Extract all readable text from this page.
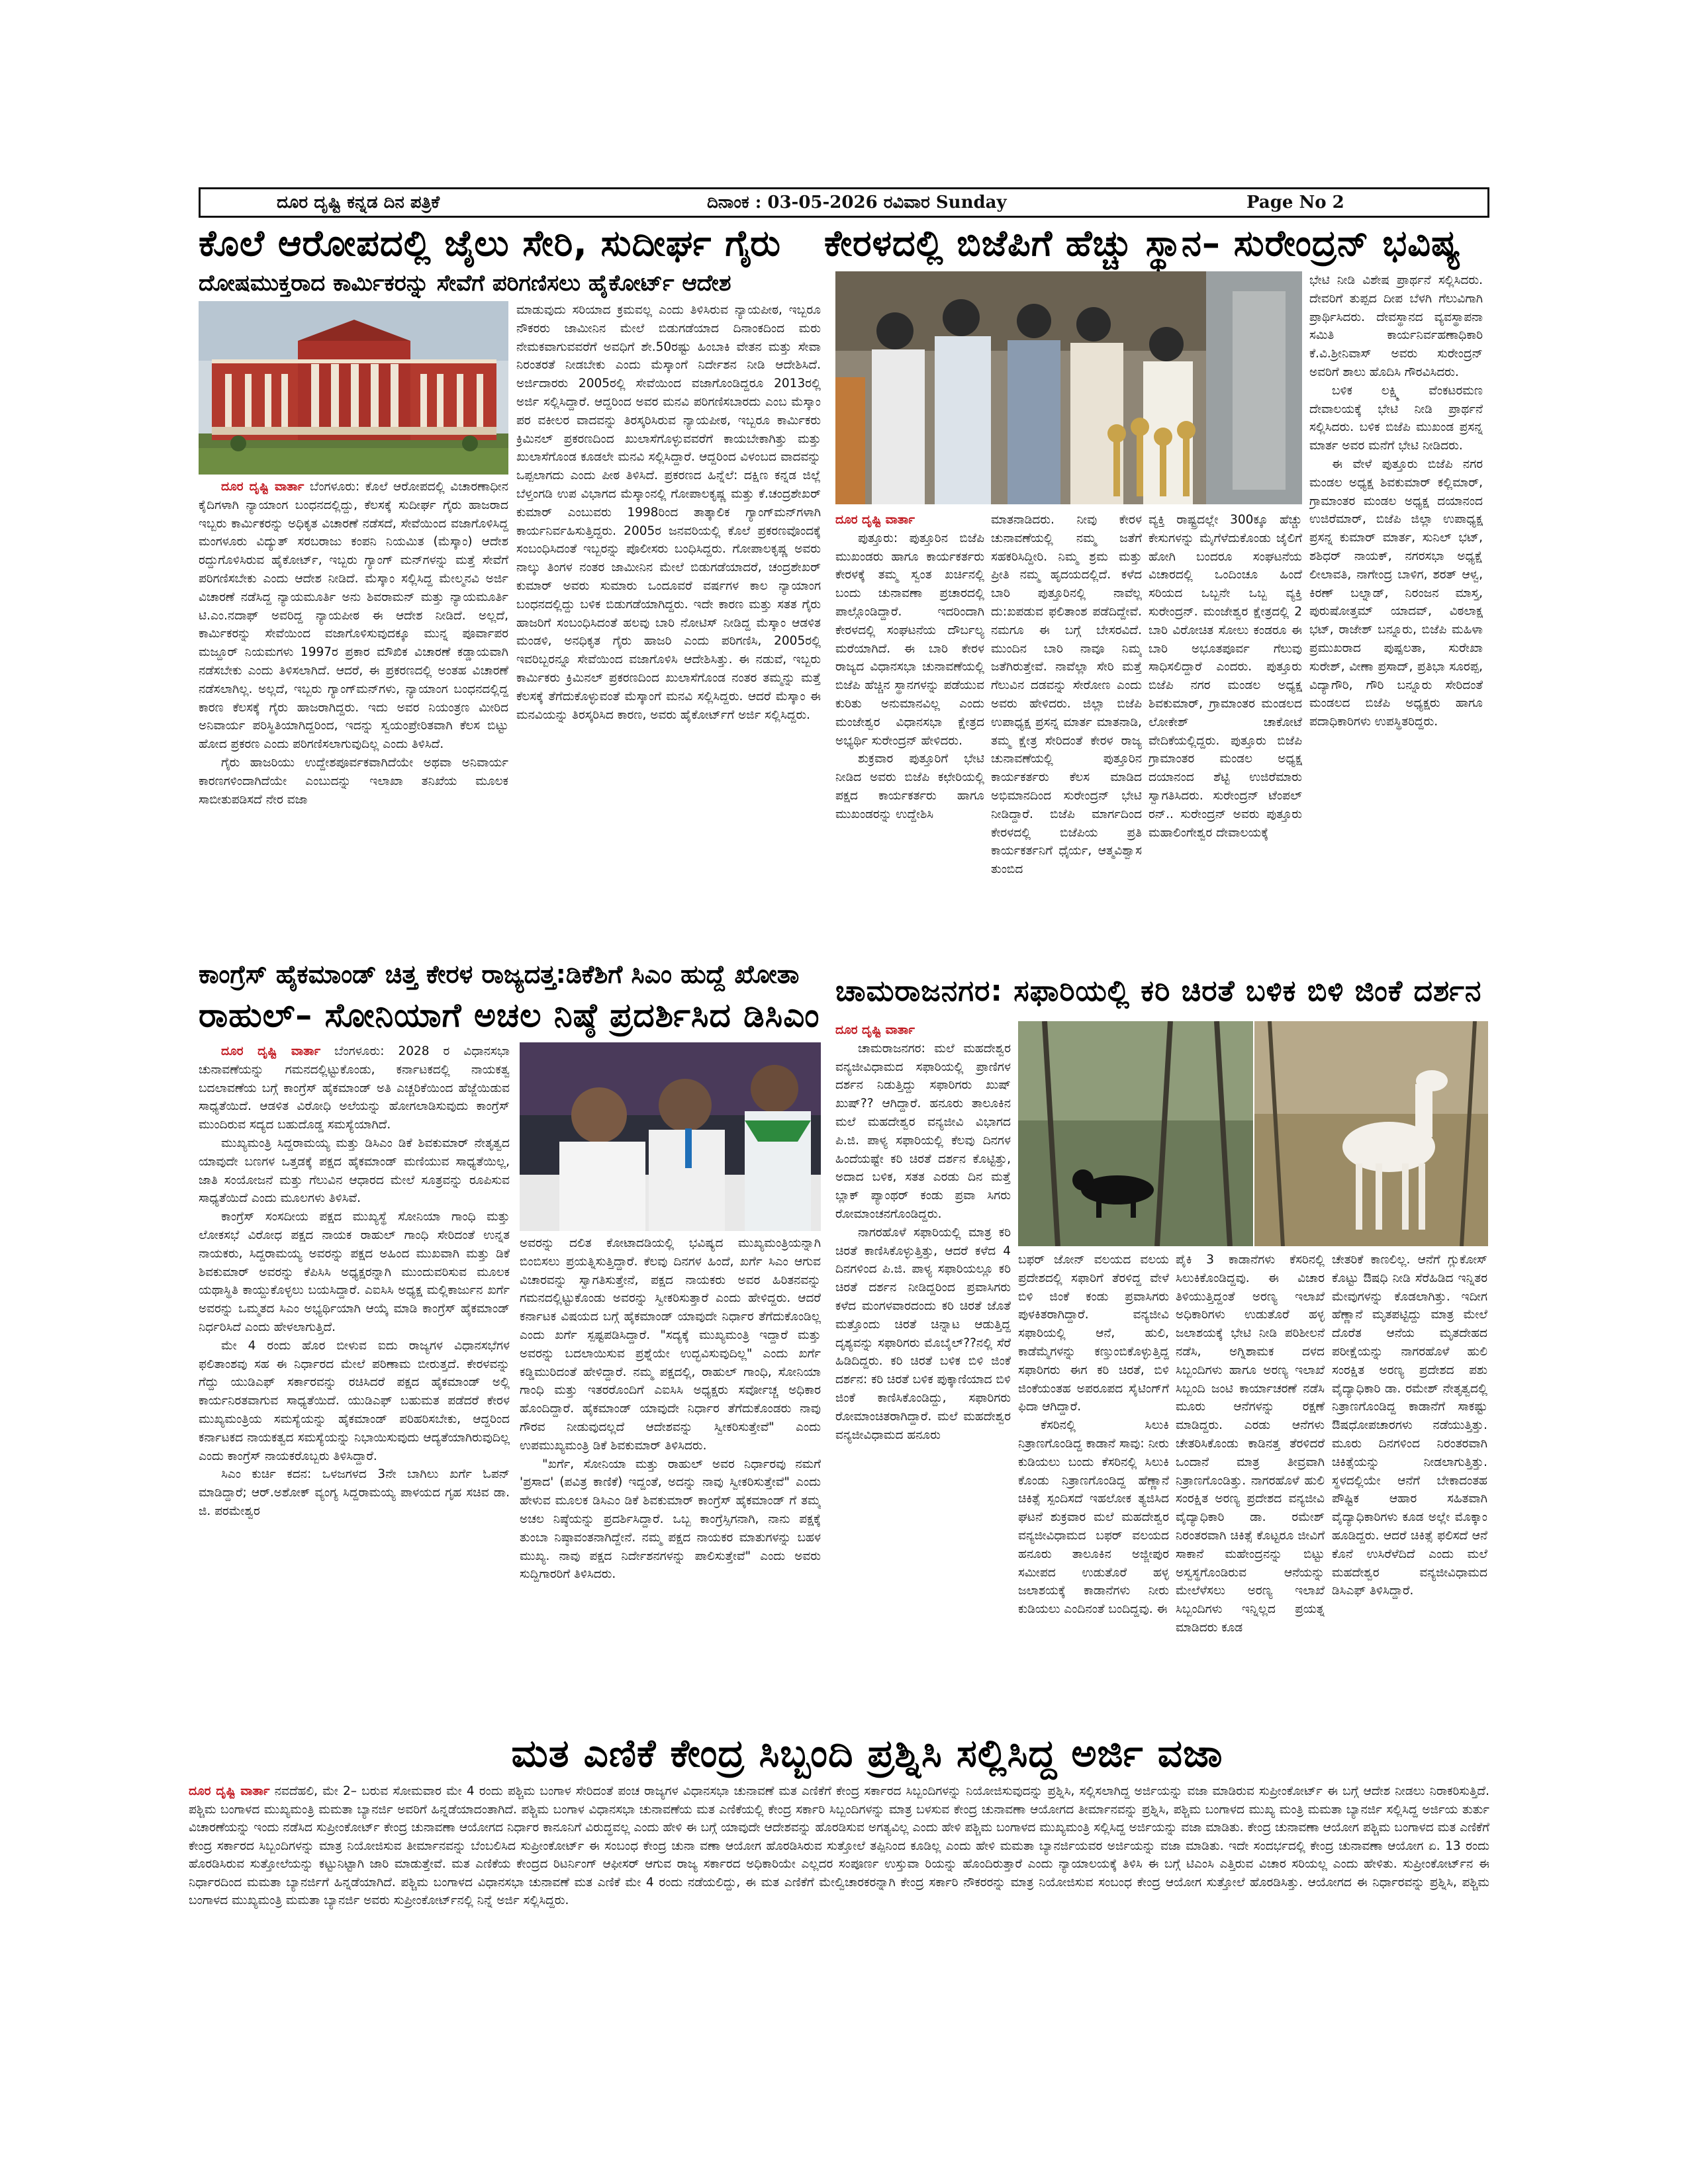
ದೂರ ದೃಷ್ಟಿ ಕನ್ನಡ ದಿನ ಪತ್ರಿಕೆ	ದಿನಾಂಕ : 03-05-2026 ರವಿವಾರ Sunday	Page No 2
ಕೊಲೆ ಆರೋಪದಲ್ಲಿ ಜೈಲು ಸೇರಿ, ಸುದೀರ್ಘ ಗೈರು
ದೋಷಮುಕ್ತರಾದ ಕಾರ್ಮಿಕರನ್ನು ಸೇವೆಗೆ ಪರಿಗಣಿಸಲು ಹೈಕೋರ್ಟ್ ಆದೇಶ

ಮಾಡುವುದು ಸರಿಯಾದ ಕ್ರಮವಲ್ಲ ಎಂದು ತಿಳಿಸಿರುವ ನ್ಯಾಯಪೀಠ, ಇಬ್ಬರೂ ನೌಕರರು ಜಾಮೀನಿನ ಮೇಲೆ ಬಿಡುಗಡೆಯಾದ ದಿನಾಂಕದಿಂದ ಮರು ನೇಮಕವಾಗುವವರೆಗೆ ಅವಧಿಗೆ ಶೇ.50ರಷ್ಟು ಹಿಂಬಾಕಿ ವೇತನ ಮತ್ತು ಸೇವಾ ನಿರಂತರತೆ ನೀಡಬೇಕು ಎಂದು ಮೆಸ್ಕಾಂಗೆ ನಿರ್ದೇಶನ ನೀಡಿ ಆದೇಶಿಸಿದೆ. ಅರ್ಜಿದಾರರು 2005ರಲ್ಲಿ ಸೇವೆಯಿಂದ ವಜಾಗೊಂಡಿದ್ದರೂ 2013ರಲ್ಲಿ ಅರ್ಜಿ ಸಲ್ಲಿಸಿದ್ದಾರೆ. ಆದ್ದರಿಂದ ಅವರ ಮನವಿ ಪರಿಗಣಿಸಬಾರದು ಎಂಬ ಮೆಸ್ಕಾಂ ಪರ ವಕೀಲರ ವಾದವನ್ನು ತಿರಸ್ಕರಿಸಿರುವ ನ್ಯಾಯಪೀಠ, ಇಬ್ಬರೂ ಕಾರ್ಮಿಕರು ಕ್ರಿಮಿನಲ್ ಪ್ರಕರಣದಿಂದ ಖುಲಾಸೆಗೊಳ್ಳುವವರೆಗೆ ಕಾಯಬೇಕಾಗಿತ್ತು ಮತ್ತು ಖುಲಾಸೆಗೊಂಡ ಕೂಡಲೇ ಮನವಿ ಸಲ್ಲಿಸಿದ್ದಾರೆ. ಆದ್ದರಿಂದ ವಿಳಂಬದ ವಾದವನ್ನು ಒಪ್ಪಲಾಗದು ಎಂದು ಪೀಠ ತಿಳಿಸಿದೆ. ಪ್ರಕರಣದ ಹಿನ್ನೆಲೆ: ದಕ್ಷಿಣ ಕನ್ನಡ ಜಿಲ್ಲೆ ಬೆಳ್ತಂಗಡಿ ಉಪ ವಿಭಾಗದ ಮೆಸ್ಕಾಂನಲ್ಲಿ ಗೋಪಾಲಕೃಷ್ಣ ಮತ್ತು ಕೆ.ಚಂದ್ರಶೇಖರ್ ಕುಮಾರ್ ಎಂಬುವರು 1998ರಿಂದ ತಾತ್ಕಾಲಿಕ ಗ್ಯಾಂಗ್‌ಮನ್‌ಗಳಾಗಿ ಕಾರ್ಯನಿರ್ವಹಿಸುತ್ತಿದ್ದರು. 2005ರ ಜನವರಿಯಲ್ಲಿ ಕೊಲೆ ಪ್ರಕರಣವೊಂದಕ್ಕೆ ಸಂಬಂಧಿಸಿದಂತೆ ಇಬ್ಬರನ್ನು ಪೊಲೀಸರು ಬಂಧಿಸಿದ್ದರು. ಗೋಪಾಲಕೃಷ್ಣ ಅವರು ನಾಲ್ಕು ತಿಂಗಳ ನಂತರ ಜಾಮೀನಿನ ಮೇಲೆ ಬಿಡುಗಡೆಯಾದರೆ, ಚಂದ್ರಶೇಖರ್ ಕುಮಾರ್ ಅವರು ಸುಮಾರು ಒಂದೂವರೆ ವರ್ಷಗಳ ಕಾಲ ನ್ಯಾಯಾಂಗ ಬಂಧನದಲ್ಲಿದ್ದು ಬಳಿಕ ಬಿಡುಗಡೆಯಾಗಿದ್ದರು. ಇದೇ ಕಾರಣ ಮತ್ತು ಸತತ ಗೈರು ಹಾಜರಿಗೆ ಸಂಬಂಧಿಸಿದಂತೆ ಹಲವು ಬಾರಿ ನೋಟಿಸ್ ನೀಡಿದ್ದ ಮೆಸ್ಕಾಂ ಆಡಳಿತ ಮಂಡಳಿ, ಅನಧಿಕೃತ ಗೈರು ಹಾಜರಿ ಎಂದು ಪರಿಗಣಿಸಿ, 2005ರಲ್ಲಿ ಇವರಿಬ್ಬರನ್ನೂ ಸೇವೆಯಿಂದ ವಜಾಗೊಳಿಸಿ ಆದೇಶಿಸಿತ್ತು. ಈ ನಡುವೆ, ಇಬ್ಬರು ಕಾರ್ಮಿಕರು ಕ್ರಿಮಿನಲ್ ಪ್ರಕರಣದಿಂದ ಖುಲಾಸೆಗೊಂಡ ನಂತರ ತಮ್ಮನ್ನು ಮತ್ತೆ ಕೆಲಸಕ್ಕೆ ತೆಗೆದುಕೊಳ್ಳುವಂತೆ ಮೆಸ್ಕಾಂಗೆ ಮನವಿ ಸಲ್ಲಿಸಿದ್ದರು. ಆದರೆ ಮೆಸ್ಕಾಂ ಈ ಮನವಿಯನ್ನು ತಿರಸ್ಕರಿಸಿದ ಕಾರಣ, ಅವರು ಹೈಕೋರ್ಟ್‌ಗೆ ಅರ್ಜಿ ಸಲ್ಲಿಸಿದ್ದರು.

ದೂರ ದೃಷ್ಟಿ ವಾರ್ತಾ ಬೆಂಗಳೂರು: ಕೊಲೆ ಆರೋಪದಲ್ಲಿ ವಿಚಾರಣಾಧೀನ ಕೈದಿಗಳಾಗಿ ನ್ಯಾಯಾಂಗ ಬಂಧನದಲ್ಲಿದ್ದು, ಕೆಲಸಕ್ಕೆ ಸುದೀರ್ಘ ಗೈರು ಹಾಜರಾದ ಇಬ್ಬರು ಕಾರ್ಮಿಕರನ್ನು ಅಧಿಕೃತ ವಿಚಾರಣೆ ನಡೆಸದೆ, ಸೇವೆಯಿಂದ ವಜಾಗೊಳಿಸಿದ್ದ ಮಂಗಳೂರು ವಿದ್ಯುತ್ ಸರಬರಾಜು ಕಂಪನಿ ನಿಯಮಿತ (ಮೆಸ್ಕಾಂ) ಆದೇಶ ರದ್ದುಗೊಳಿಸಿರುವ ಹೈಕೋರ್ಟ್, ಇಬ್ಬರು ಗ್ಯಾಂಗ್ ಮನ್‌ಗಳನ್ನು ಮತ್ತೆ ಸೇವೆಗೆ ಪರಿಗಣಿಸಬೇಕು ಎಂದು ಆದೇಶ ನೀಡಿದೆ. ಮೆಸ್ಕಾಂ ಸಲ್ಲಿಸಿದ್ದ ಮೇಲ್ಮನವಿ ಅರ್ಜಿ ವಿಚಾರಣೆ ನಡೆಸಿದ್ದ ನ್ಯಾಯಮೂರ್ತಿ ಅನು ಶಿವರಾಮನ್ ಮತ್ತು ನ್ಯಾಯಮೂರ್ತಿ ಟಿ.ಎಂ.ನದಾಫ್ ಅವರಿದ್ದ ನ್ಯಾಯಪೀಠ ಈ ಆದೇಶ ನೀಡಿದೆ. ಅಲ್ಲದೆ, ಕಾರ್ಮಿಕರನ್ನು ಸೇವೆಯಿಂದ ವಜಾಗೊಳಿಸುವುದಕ್ಕೂ ಮುನ್ನ ಪೂರ್ವಾಪರ ಮಜ್ದೂರ್ ನಿಯಮಗಳು 1997ರ ಪ್ರಕಾರ ಮೌಖಿಕ ವಿಚಾರಣೆ ಕಡ್ಡಾಯವಾಗಿ ನಡೆಸಬೇಕು ಎಂದು ತಿಳಿಸಲಾಗಿದೆ. ಆದರೆ, ಈ ಪ್ರಕರಣದಲ್ಲಿ ಅಂತಹ ವಿಚಾರಣೆ ನಡೆಸಲಾಗಿಲ್ಲ. ಅಲ್ಲದೆ, ಇಬ್ಬರು ಗ್ಯಾಂಗ್‌ಮನ್‌ಗಳು, ನ್ಯಾಯಾಂಗ ಬಂಧನದಲ್ಲಿದ್ದ ಕಾರಣ ಕೆಲಸಕ್ಕೆ ಗೈರು ಹಾಜರಾಗಿದ್ದರು. ಇದು ಅವರ ನಿಯಂತ್ರಣ ಮೀರಿದ ಅನಿವಾರ್ಯ ಪರಿಸ್ಥಿತಿಯಾಗಿದ್ದರಿಂದ, ಇದನ್ನು ಸ್ವಯಂಪ್ರೇರಿತವಾಗಿ ಕೆಲಸ ಬಿಟ್ಟು ಹೋದ ಪ್ರಕರಣ ಎಂದು ಪರಿಗಣಿಸಲಾಗುವುದಿಲ್ಲ ಎಂದು ತಿಳಿಸಿದೆ.

ಗೈರು ಹಾಜರಿಯು ಉದ್ದೇಶಪೂರ್ವಕವಾಗಿದೆಯೇ ಅಥವಾ ಅನಿವಾರ್ಯ ಕಾರಣಗಳಿಂದಾಗಿದೆಯೇ ಎಂಬುದನ್ನು ಇಲಾಖಾ ತನಿಖೆಯ ಮೂಲಕ ಸಾಬೀತುಪಡಿಸದೆ ನೇರ ವಜಾ

ಕೇರಳದಲ್ಲಿ ಬಿಜೆಪಿಗೆ ಹೆಚ್ಚು ಸ್ಥಾನ– ಸುರೇಂದ್ರನ್ ಭವಿಷ್ಯ

ದೂರ ದೃಷ್ಟಿ ವಾರ್ತಾ

ಪುತ್ತೂರು: ಪುತ್ತೂರಿನ ಬಿಜೆಪಿ ಮುಖಂಡರು ಹಾಗೂ ಕಾರ್ಯಕರ್ತರು ಕೇರಳಕ್ಕೆ ತಮ್ಮ ಸ್ವಂತ ಖರ್ಚಿನಲ್ಲಿ ಬಂದು ಚುನಾವಣಾ ಪ್ರಚಾರದಲ್ಲಿ ಪಾಲ್ಗೊಂಡಿದ್ದಾರೆ. ಇದರಿಂದಾಗಿ ಕೇರಳದಲ್ಲಿ ಸಂಘಟನೆಯ ದೌರ್ಬಲ್ಯ ಮರೆಯಾಗಿದೆ. ಈ ಬಾರಿ ಕೇರಳ ರಾಜ್ಯದ ವಿಧಾನಸಭಾ ಚುನಾವಣೆಯಲ್ಲಿ ಬಿಜೆಪಿ ಹೆಚ್ಚಿನ ಸ್ಥಾನಗಳನ್ನು ಪಡೆಯುವ ಕುರಿತು ಅನುಮಾನವಿಲ್ಲ ಎಂದು ಮಂಜೇಶ್ವರ ವಿಧಾನಸಭಾ ಕ್ಷೇತ್ರದ ಅಭ್ಯರ್ಥಿ ಸುರೇಂದ್ರನ್ ಹೇಳಿದರು.

ಶುಕ್ರವಾರ ಪುತ್ತೂರಿಗೆ ಭೇಟಿ ನೀಡಿದ ಅವರು ಬಿಜೆಪಿ ಕಛೇರಿಯಲ್ಲಿ ಪಕ್ಷದ ಕಾರ್ಯಕರ್ತರು ಹಾಗೂ ಮುಖಂಡರನ್ನು ಉದ್ದೇಶಿಸಿ

ಮಾತನಾಡಿದರು. ನೀವು ಕೇರಳ ಚುನಾವಣೆಯಲ್ಲಿ ನಮ್ಮ ಜತೆಗೆ ಸಹಕರಿಸಿದ್ದೀರಿ. ನಿಮ್ಮ ಶ್ರಮ ಮತ್ತು ಪ್ರೀತಿ ನಮ್ಮ ಹೃದಯದಲ್ಲಿದೆ. ಕಳೆದ ಬಾರಿ ಪುತ್ತೂರಿನಲ್ಲಿ ನಾವೆಲ್ಲ ದು:ಖಪಡುವ ಫಲಿತಾಂಶ ಪಡೆದಿದ್ದೇವೆ. ನಮಗೂ ಈ ಬಗ್ಗೆ ಬೇಸರವಿದೆ. ಮುಂದಿನ ಬಾರಿ ನಾವೂ ನಿಮ್ಮ ಜತೆಗಿರುತ್ತೇವೆ. ನಾವೆಲ್ಲಾ ಸೇರಿ ಮತ್ತೆ ಗೆಲುವಿನ ದಡವನ್ನು ಸೇರೋಣ ಎಂದು ಅವರು ಹೇಳಿದರು. ಜಿಲ್ಲಾ ಬಿಜೆಪಿ ಉಪಾಧ್ಯಕ್ಷ ಪ್ರಸನ್ನ ಮಾರ್ತ ಮಾತನಾಡಿ, ತಮ್ಮ ಕ್ಷೇತ್ರ ಸೇರಿದಂತೆ ಕೇರಳ ರಾಜ್ಯ ಚುನಾವಣೆಯಲ್ಲಿ ಪುತ್ತೂರಿನ ಕಾರ್ಯಕರ್ತರು ಕೆಲಸ ಮಾಡಿದ ಅಭಿಮಾನದಿಂದ ಸುರೇಂದ್ರನ್ ಭೇಟಿ ನೀಡಿದ್ದಾರೆ. ಬಿಜೆಪಿ ಮಾರ್ಗದಿಂದ ಕೇರಳದಲ್ಲಿ ಬಿಜೆಪಿಯ ಪ್ರತಿ ಕಾರ್ಯಕರ್ತನಿಗೆ ಧೈರ್ಯ, ಆತ್ಮವಿಶ್ವಾಸ ತುಂಬಿದ

ವ್ಯಕ್ತಿ ರಾಷ್ಟ್ರದಲ್ಲೇ 300ಕ್ಕೂ ಹೆಚ್ಚು ಕೇಸುಗಳನ್ನು ಮೈಗೆಳೆದುಕೊಂಡು ಜೈಲಿಗೆ ಹೋಗಿ ಬಂದರೂ ಸಂಘಟನೆಯ ವಿಚಾರದಲ್ಲಿ ಒಂದಿಂಚೂ ಹಿಂದೆ ಸರಿಯದ ಒಬ್ಬನೇ ಒಬ್ಬ ವ್ಯಕ್ತಿ ಸುರೇಂದ್ರನ್. ಮಂಜೇಶ್ವರ ಕ್ಷೇತ್ರದಲ್ಲಿ 2 ಬಾರಿ ವಿರೋಚಿತ ಸೋಲು ಕಂಡರೂ ಈ ಬಾರಿ ಅಭೂತಪೂರ್ವ ಗೆಲುವು ಸಾಧಿಸಲಿದ್ದಾರೆ ಎಂದರು. ಪುತ್ತೂರು ಬಿಜೆಪಿ ನಗರ ಮಂಡಲ ಅಧ್ಯಕ್ಷ ಶಿವಕುಮಾರ್, ಗ್ರಾಮಾಂತರ ಮಂಡಲದ ಲೋಕೇಶ್ ಚಾಕೋಟೆ ವೇದಿಕೆಯಲ್ಲಿದ್ದರು. ಪುತ್ತೂರು ಬಿಜೆಪಿ ಗ್ರಾಮಾಂತರ ಮಂಡಲ ಅಧ್ಯಕ್ಷ ದಯಾನಂದ ಶೆಟ್ಟಿ ಉಜಿರೆಮಾರು ಸ್ವಾಗತಿಸಿದರು. ಸುರೇಂದ್ರನ್ ಟೆಂಪಲ್ ರನ್.. ಸುರೇಂದ್ರನ್ ಅವರು ಪುತ್ತೂರು ಮಹಾಲಿಂಗೇಶ್ವರ ದೇವಾಲಯಕ್ಕೆ

ಭೇಟಿ ನೀಡಿ ವಿಶೇಷ ಪ್ರಾರ್ಥನೆ ಸಲ್ಲಿಸಿದರು. ದೇವರಿಗೆ ತುಪ್ಪದ ದೀಪ ಬೆಳಗಿ ಗೆಲುವಿಗಾಗಿ ಪ್ರಾರ್ಥಿಸಿದರು. ದೇವಸ್ಥಾನದ ವ್ಯವಸ್ಥಾಪನಾ ಸಮಿತಿ ಕಾರ್ಯನಿರ್ವಹಣಾಧಿಕಾರಿ ಕೆ.ವಿ.ಶ್ರೀನಿವಾಸ್ ಅವರು ಸುರೇಂದ್ರನ್ ಅವರಿಗೆ ಶಾಲು ಹೊದಿಸಿ ಗೌರವಿಸಿದರು.

ಬಳಿಕ ಲಕ್ಷ್ಮಿ ವೆಂಕಟರಮಣ ದೇವಾಲಯಕ್ಕೆ ಭೇಟಿ ನೀಡಿ ಪ್ರಾರ್ಥನೆ ಸಲ್ಲಿಸಿದರು. ಬಳಿಕ ಬಿಜೆಪಿ ಮುಖಂಡ ಪ್ರಸನ್ನ ಮಾರ್ತ ಅವರ ಮನೆಗೆ ಭೇಟಿ ನೀಡಿದರು.

ಈ ವೇಳೆ ಪುತ್ತೂರು ಬಿಜೆಪಿ ನಗರ ಮಂಡಲ ಅಧ್ಯಕ್ಷ ಶಿವಕುಮಾರ್ ಕಲ್ಲಿಮಾರ್, ಗ್ರಾಮಾಂತರ ಮಂಡಲ ಅಧ್ಯಕ್ಷ ದಯಾನಂದ ಉಜಿರೆಮಾರ್, ಬಿಜೆಪಿ ಜಿಲ್ಲಾ ಉಪಾಧ್ಯಕ್ಷ ಪ್ರಸನ್ನ ಕುಮಾರ್ ಮಾರ್ತ, ಸುನಿಲ್ ಭಟ್, ಶಶಿಧರ್ ನಾಯಕ್, ನಗರಸಭಾ ಅಧ್ಯಕ್ಷೆ ಲೀಲಾವತಿ, ನಾಗೇಂದ್ರ ಬಾಳಿಗ, ಶರತ್ ಆಳ್ವ, ಕಿರಣ್ ಬಲ್ನಾಡ್, ನಿರಂಜನ ಮಾಸ್ತ, ಪುರುಷೋತ್ತಮ್ ಯಾದವ್, ವಿಠಲಾಕ್ಷ ಭಟ್, ರಾಜೇಶ್ ಬನ್ನೂರು, ಬಿಜೆಪಿ ಮಹಿಳಾ ಪ್ರಮುಖರಾದ ಪುಷ್ಪಲತಾ, ಸುರೇಖಾ ಸುರೇಶ್, ವೀಣಾ ಪ್ರಸಾದ್, ಪ್ರತಿಭಾ ಸೂರಪ್ಪ, ವಿದ್ಯಾಗೌರಿ, ಗೌರಿ ಬನ್ನೂರು ಸೇರಿದಂತೆ ಮಂಡಲದ ಬಿಜೆಪಿ ಅಧ್ಯಕ್ಷರು ಹಾಗೂ ಪದಾಧಿಕಾರಿಗಳು ಉಪಸ್ಥಿತರಿದ್ದರು.

ಕಾಂಗ್ರೆಸ್ ಹೈಕಮಾಂಡ್ ಚಿತ್ತ ಕೇರಳ ರಾಜ್ಯದತ್ತ:ಡಿಕೆಶಿಗೆ ಸಿಎಂ ಹುದ್ದೆ ಖೋತಾ
ರಾಹುಲ್– ಸೋನಿಯಾಗೆ ಅಚಲ ನಿಷ್ಠೆ ಪ್ರದರ್ಶಿಸಿದ ಡಿಸಿಎಂ

ದೂರ ದೃಷ್ಟಿ ವಾರ್ತಾ ಬೆಂಗಳೂರು: 2028 ರ ವಿಧಾನಸಭಾ ಚುನಾವಣೆಯನ್ನು ಗಮನದಲ್ಲಿಟ್ಟುಕೊಂಡು, ಕರ್ನಾಟಕದಲ್ಲಿ ನಾಯಕತ್ವ ಬದಲಾವಣೆಯ ಬಗ್ಗೆ ಕಾಂಗ್ರೆಸ್ ಹೈಕಮಾಂಡ್ ಅತಿ ಎಚ್ಚರಿಕೆಯಿಂದ ಹೆಜ್ಜೆಯಿಡುವ ಸಾಧ್ಯತೆಯಿದೆ. ಆಡಳಿತ ವಿರೋಧಿ ಅಲೆಯನ್ನು ಹೋಗಲಾಡಿಸುವುದು ಕಾಂಗ್ರೆಸ್ ಮುಂದಿರುವ ಸದ್ಯದ ಬಹುದೊಡ್ಡ ಸಮಸ್ಯೆಯಾಗಿದೆ.

ಮುಖ್ಯಮಂತ್ರಿ ಸಿದ್ದರಾಮಯ್ಯ ಮತ್ತು ಡಿಸಿಎಂ ಡಿಕೆ ಶಿವಕುಮಾರ್ ನೇತೃತ್ವದ ಯಾವುದೇ ಬಣಗಳ ಒತ್ತಡಕ್ಕೆ ಪಕ್ಷದ ಹೈಕಮಾಂಡ್ ಮಣಿಯುವ ಸಾಧ್ಯತೆಯಿಲ್ಲ, ಜಾತಿ ಸಂಯೋಜನೆ ಮತ್ತು ಗೆಲುವಿನ ಆಧಾರದ ಮೇಲೆ ಸೂತ್ರವನ್ನು ರೂಪಿಸುವ ಸಾಧ್ಯತೆಯಿದೆ ಎಂದು ಮೂಲಗಳು ತಿಳಿಸಿವೆ.

ಕಾಂಗ್ರೆಸ್ ಸಂಸದೀಯ ಪಕ್ಷದ ಮುಖ್ಯಸ್ಥೆ ಸೋನಿಯಾ ಗಾಂಧಿ ಮತ್ತು ಲೋಕಸಭೆ ವಿರೋಧ ಪಕ್ಷದ ನಾಯಕ ರಾಹುಲ್ ಗಾಂಧಿ ಸೇರಿದಂತೆ ಉನ್ನತ ನಾಯಕರು, ಸಿದ್ದರಾಮಯ್ಯ ಅವರನ್ನು ಪಕ್ಷದ ಅಹಿಂದ ಮುಖವಾಗಿ ಮತ್ತು ಡಿಕೆ ಶಿವಕುಮಾರ್ ಅವರನ್ನು ಕೆಪಿಸಿಸಿ ಅಧ್ಯಕ್ಷರನ್ನಾಗಿ ಮುಂದುವರಿಸುವ ಮೂಲಕ ಯಥಾಸ್ಥಿತಿ ಕಾಯ್ದುಕೊಳ್ಳಲು ಬಯಸಿದ್ದಾರೆ. ಎಐಸಿಸಿ ಅಧ್ಯಕ್ಷ ಮಲ್ಲಿಕಾರ್ಜುನ ಖರ್ಗೆ ಅವರನ್ನು ಒಮ್ಮತದ ಸಿಎಂ ಅಭ್ಯರ್ಥಿಯಾಗಿ ಆಯ್ಕೆ ಮಾಡಿ ಕಾಂಗ್ರೆಸ್ ಹೈಕಮಾಂಡ್ ನಿರ್ಧರಿಸಿದೆ ಎಂದು ಹೇಳಲಾಗುತ್ತಿದೆ.

ಮೇ 4 ರಂದು ಹೊರ ಬೀಳುವ ಐದು ರಾಜ್ಯಗಳ ವಿಧಾನಸಭೆಗಳ ಫಲಿತಾಂಶವು ಸಹ ಈ ನಿರ್ಧಾರದ ಮೇಲೆ ಪರಿಣಾಮ ಬೀರುತ್ತದೆ. ಕೇರಳವನ್ನು ಗೆದ್ದು ಯುಡಿಎಫ್ ಸರ್ಕಾರವನ್ನು ರಚಿಸಿದರೆ ಪಕ್ಷದ ಹೈಕಮಾಂಡ್ ಅಲ್ಲಿ ಕಾರ್ಯನಿರತವಾಗುವ ಸಾಧ್ಯತೆಯಿದೆ. ಯುಡಿಎಫ್ ಬಹುಮತ ಪಡೆದರೆ ಕೇರಳ ಮುಖ್ಯಮಂತ್ರಿಯ ಸಮಸ್ಯೆಯನ್ನು ಹೈಕಮಾಂಡ್ ಪರಿಹರಿಸಬೇಕು, ಆದ್ದರಿಂದ ಕರ್ನಾಟಕದ ನಾಯಕತ್ವದ ಸಮಸ್ಯೆಯನ್ನು ನಿಭಾಯಿಸುವುದು ಆದ್ಯತೆಯಾಗಿರುವುದಿಲ್ಲ ಎಂದು ಕಾಂಗ್ರೆಸ್ ನಾಯಕರೊಬ್ಬರು ತಿಳಿಸಿದ್ದಾರೆ.

ಸಿಎಂ ಕುರ್ಚಿ ಕದನ: ಒಳಜಗಳದ 3ನೇ ಬಾಗಿಲು ಖರ್ಗೆ ಓಪನ್ ಮಾಡಿದ್ದಾರೆ; ಆರ್.ಅಶೋಕ್ ವ್ಯಂಗ್ಯ ಸಿದ್ದರಾಮಯ್ಯ ಪಾಳಯದ ಗೃಹ ಸಚಿವ ಡಾ. ಜಿ. ಪರಮೇಶ್ವರ

ಅವರನ್ನು ದಲಿತ ಕೋಟಾದಡಿಯಲ್ಲಿ ಭವಿಷ್ಯದ ಮುಖ್ಯಮಂತ್ರಿಯನ್ನಾಗಿ ಬಿಂಬಿಸಲು ಪ್ರಯತ್ನಿಸುತ್ತಿದ್ದಾರೆ. ಕೆಲವು ದಿನಗಳ ಹಿಂದೆ, ಖರ್ಗೆ ಸಿಎಂ ಆಗುವ ವಿಚಾರವನ್ನು ಸ್ವಾಗತಿಸುತ್ತೇನೆ, ಪಕ್ಷದ ನಾಯಕರು ಅವರ ಹಿರಿತನವನ್ನು ಗಮನದಲ್ಲಿಟ್ಟುಕೊಂಡು ಅವರನ್ನು ಸ್ವೀಕರಿಸುತ್ತಾರೆ ಎಂದು ಹೇಳಿದ್ದರು. ಆದರೆ ಕರ್ನಾಟಕ ವಿಷಯದ ಬಗ್ಗೆ ಹೈಕಮಾಂಡ್ ಯಾವುದೇ ನಿರ್ಧಾರ ತೆಗೆದುಕೊಂಡಿಲ್ಲ ಎಂದು ಖರ್ಗೆ ಸ್ಪಷ್ಟಪಡಿಸಿದ್ದಾರೆ. "ಸದ್ಯಕ್ಕೆ ಮುಖ್ಯಮಂತ್ರಿ ಇದ್ದಾರೆ ಮತ್ತು ಅವರನ್ನು ಬದಲಾಯಿಸುವ ಪ್ರಶ್ನೆಯೇ ಉದ್ಭವಿಸುವುದಿಲ್ಲ" ಎಂದು ಖರ್ಗೆ ಕಡ್ಡಿಮುರಿದಂತೆ ಹೇಳಿದ್ದಾರೆ. ನಮ್ಮ ಪಕ್ಷದಲ್ಲಿ, ರಾಹುಲ್ ಗಾಂಧಿ, ಸೋನಿಯಾ ಗಾಂಧಿ ಮತ್ತು ಇತರರೊಂದಿಗೆ ಎಐಸಿಸಿ ಅಧ್ಯಕ್ಷರು ಸರ್ವೋಚ್ಚ ಅಧಿಕಾರ ಹೊಂದಿದ್ದಾರೆ. ಹೈಕಮಾಂಡ್ ಯಾವುದೇ ನಿರ್ಧಾರ ತೆಗೆದುಕೊಂಡರು ನಾವು ಗೌರವ ನೀಡುವುದಲ್ಲದೆ ಆದೇಶವನ್ನು ಸ್ವೀಕರಿಸುತ್ತೇವೆ" ಎಂದು ಉಪಮುಖ್ಯಮಂತ್ರಿ ಡಿಕೆ ಶಿವಕುಮಾರ್ ತಿಳಿಸಿದರು.

"ಖರ್ಗೆ, ಸೋನಿಯಾ ಮತ್ತು ರಾಹುಲ್ ಅವರ ನಿರ್ಧಾರವು ನಮಗೆ 'ಪ್ರಸಾದ' (ಪವಿತ್ರ ಕಾಣಿಕೆ) ಇದ್ದಂತೆ, ಅದನ್ನು ನಾವು ಸ್ವೀಕರಿಸುತ್ತೇವೆ" ಎಂದು ಹೇಳುವ ಮೂಲಕ ಡಿಸಿಎಂ ಡಿಕೆ ಶಿವಕುಮಾರ್ ಕಾಂಗ್ರೆಸ್ ಹೈಕಮಾಂಡ್ ಗೆ ತಮ್ಮ ಅಚಲ ನಿಷ್ಠೆಯನ್ನು ಪ್ರದರ್ಶಿಸಿದ್ದಾರೆ. ಒಬ್ಬ ಕಾಂಗ್ರೆಸ್ಸಿಗನಾಗಿ, ನಾನು ಪಕ್ಷಕ್ಕೆ ತುಂಬಾ ನಿಷ್ಠಾವಂತನಾಗಿದ್ದೇನೆ. ನಮ್ಮ ಪಕ್ಷದ ನಾಯಕರ ಮಾತುಗಳನ್ನು ಬಹಳ ಮುಖ್ಯ. ನಾವು ಪಕ್ಷದ ನಿರ್ದೇಶನಗಳನ್ನು ಪಾಲಿಸುತ್ತೇವೆ" ಎಂದು ಅವರು ಸುದ್ದಿಗಾರರಿಗೆ ತಿಳಿಸಿದರು.

ಚಾಮರಾಜನಗರ: ಸಫಾರಿಯಲ್ಲಿ ಕರಿ ಚಿರತೆ ಬಳಿಕ ಬಿಳಿ ಜಿಂಕೆ ದರ್ಶನ

ದೂರ ದೃಷ್ಟಿ ವಾರ್ತಾ

ಚಾಮರಾಜನಗರ: ಮಲೆ ಮಹದೇಶ್ವರ ವನ್ಯಜೀವಿಧಾಮದ ಸಫಾರಿಯಲ್ಲಿ ಪ್ರಾಣಿಗಳ ದರ್ಶನ ನಿಡುತ್ತಿದ್ದು ಸಫಾರಿಗರು ಖುಷ್ ಖುಷ್?? ಆಗಿದ್ದಾರೆ. ಹನೂರು ತಾಲೂಕಿನ ಮಲೆ ಮಹದೇಶ್ವರ ವನ್ಯಜೀವಿ ವಿಭಾಗದ ಪಿ.ಜಿ. ಪಾಳ್ಯ ಸಫಾರಿಯಲ್ಲಿ ಕೆಲವು ದಿನಗಳ ಹಿಂದೆಯಷ್ಟೇ ಕರಿ ಚಿರತೆ ದರ್ಶನ ಕೊಟ್ಟಿತ್ತು, ಅದಾದ ಬಳಿಕ, ಸತತ ಎರಡು ದಿನ ಮತ್ತೆ ಬ್ಲಾಕ್ ಪ್ಯಾಂಥರ್ ಕಂಡು ಪ್ರವಾ ಸಿಗರು ರೋಮಾಂಚನಗೊಂಡಿದ್ದರು.

ನಾಗರಹೊಳೆ ಸಫಾರಿಯಲ್ಲಿ ಮಾತ್ರ ಕರಿ ಚಿರತೆ ಕಾಣಿಸಿಕೊಳ್ಳುತ್ತಿತ್ತು, ಆದರೆ ಕಳೆದ 4 ದಿನಗಳಿಂದ ಪಿ.ಜಿ. ಪಾಳ್ಯ ಸಫಾರಿಯಲ್ಲೂ ಕರಿ ಚಿರತೆ ದರ್ಶನ ನೀಡಿದ್ದರಿಂದ ಪ್ರವಾಸಿಗರು ಕಳೆದ ಮಂಗಳವಾರದಂದು ಕರಿ ಚಿರತೆ ಜೊತೆ ಮತ್ತೊಂದು ಚಿರತೆ ಚಿನ್ನಾಟ ಆಡುತ್ತಿದ್ದ ದೃಶ್ಯವನ್ನು ಸಫಾರಿಗರು ಮೊಬೈಲ್??ನಲ್ಲಿ ಸೆರೆ ಹಿಡಿದಿದ್ದರು. ಕರಿ ಚಿರತೆ ಬಳಿಕ ಬಿಳಿ ಜಿಂಕೆ ದರ್ಶನ: ಕರಿ ಚಿರತೆ ಬಳಿಕ ಪುಕ್ಕಾಣಿಯಾದ ಬಿಳಿ ಜಿಂಕೆ ಕಾಣಿಸಿಕೊಂಡಿದ್ದು, ಸಫಾರಿಗರು ರೋಮಾಂಚಿತರಾಗಿದ್ದಾರೆ. ಮಲೆ ಮಹದೇಶ್ವರ ವನ್ಯಜೀವಿಧಾಮದ ಹನೂರು

ಬಫರ್ ಜೋನ್ ವಲಯದ ವಲಯ ಪ್ರದೇಶದಲ್ಲಿ ಸಫಾರಿಗೆ ತೆರಳಿದ್ದ ವೇಳೆ ಬಿಳಿ ಜಿಂಕೆ ಕಂಡು ಪ್ರವಾಸಿಗರು ಪುಳಕಿತರಾಗಿದ್ದಾರೆ. ವನ್ಯಜೀವಿ ಸಫಾರಿಯಲ್ಲಿ ಆನೆ, ಹುಲಿ, ಕಾಡೆಮ್ಮೆಗಳನ್ನು ಕಣ್ತುಂಬಿಕೊಳ್ಳುತ್ತಿದ್ದ ಸಫಾರಿಗರು ಈಗ ಕರಿ ಚಿರತೆ, ಬಿಳಿ ಜಿಂಕೆಯಂತಹ ಅಪರೂಪದ ಸೈಟಿಂಗ್‌ಗೆ ಫಿದಾ ಆಗಿದ್ದಾರೆ.

ಕೆಸರಿನಲ್ಲಿ ಸಿಲುಕಿ ನಿತ್ರಾಣಗೊಂಡಿದ್ದ ಕಾಡಾನೆ ಸಾವು: ನೀರು ಕುಡಿಯಲು ಬಂದು ಕೆಸರಿನಲ್ಲಿ ಸಿಲುಕಿ ಕೊಂಡು ನಿತ್ರಾಣಗೊಂಡಿದ್ದ ಹೆಣ್ಣಾನೆ ಚಿಕಿತ್ಸೆ ಸ್ಪಂದಿಸದೆ ಇಹಲೋಕ ತ್ಯಜಿಸಿದ ಘಟನೆ ಶುಕ್ರವಾರ ಮಲೆ ಮಹದೇಶ್ವರ ವನ್ಯಜೀವಿಧಾಮದ ಬಫರ್ ವಲಯದ ಹನೂರು ತಾಲೂಕಿನ ಅಜ್ಜೀಪುರ ಸಮೀಪದ ಉಡುತೊರೆ ಹಳ್ಳ ಜಲಾಶಯಕ್ಕೆ ಕಾಡಾನೆಗಳು ನೀರು ಕುಡಿಯಲು ಎಂದಿನಂತೆ ಬಂದಿದ್ದವು. ಈ

ಪೈಕಿ 3 ಕಾಡಾನೆಗಳು ಕೆಸರಿನಲ್ಲಿ ಸಿಲುಕಿಕೊಂಡಿದ್ದವು. ಈ ವಿಚಾರ ತಿಳಿಯುತ್ತಿದ್ದಂತೆ ಅರಣ್ಯ ಇಲಾಖೆ ಅಧಿಕಾರಿಗಳು ಉಡುತೊರೆ ಹಳ್ಳ ಜಲಾಶಯಕ್ಕೆ ಭೇಟಿ ನೀಡಿ ಪರಿಶೀಲನೆ ನಡೆಸಿ, ಅಗ್ನಿಶಾಮಕ ದಳದ ಸಿಬ್ಬಂದಿಗಳು ಹಾಗೂ ಅರಣ್ಯ ಇಲಾಖೆ ಸಿಬ್ಬಂದಿ ಜಂಟಿ ಕಾರ್ಯಾಚರಣೆ ನಡೆಸಿ ಮೂರು ಆನೆಗಳನ್ನು ರಕ್ಷಣೆ ಮಾಡಿದ್ದರು. ಎರಡು ಆನೆಗಳು ಚೇತರಿಸಿಕೊಂಡು ಕಾಡಿನತ್ತ ತೆರಳಿದರೆ ಒಂದಾನೆ ಮಾತ್ರ ತೀವ್ರವಾಗಿ ನಿತ್ರಾಣಗೊಂಡಿತ್ತು. ನಾಗರಹೊಳೆ ಹುಲಿ ಸಂರಕ್ಷಿತ ಅರಣ್ಯ ಪ್ರದೇಶದ ವನ್ಯಜೀವಿ ವೈದ್ಯಾಧಿಕಾರಿ ಡಾ. ರಮೇಶ್ ನಿರಂತರವಾಗಿ ಚಿಕಿತ್ಸೆ ಕೊಟ್ಟರೂ ಜೀವಿಗೆ ಸಾಕಾನೆ ಮಹೇಂದ್ರನನ್ನು ಬಿಟ್ಟು ಅಸ್ವಸ್ಥಗೊಂಡಿರುವ ಆನೆಯನ್ನು ಮೇಲೆಳೆಸಲು ಅರಣ್ಯ ಇಲಾಖೆ ಸಿಬ್ಬಂದಿಗಳು ಇನ್ನಿಲ್ಲದ ಪ್ರಯತ್ನ ಮಾಡಿದರು ಕೂಡ

ಚೇತರಿಕೆ ಕಾಣಲಿಲ್ಲ. ಆನೆಗೆ ಗ್ಲುಕೋಸ್ ಕೊಟ್ಟು ಔಷಧಿ ನೀಡಿ ಸೆರೆಹಿಡಿದ ಇನ್ನಿತರ ಮೇವುಗಳನ್ನು ಕೊಡಲಾಗಿತ್ತು. ಇದೀಗ ಹೆಣ್ಣಾನೆ ಮೃತಪಟ್ಟಿದ್ದು ಮಾತ್ರ ಮೇಲೆ ದೊರೆತ ಆನೆಯ ಮೃತದೇಹದ ಪರೀಕ್ಷೆಯನ್ನು ನಾಗರಹೊಳೆ ಹುಲಿ ಸಂರಕ್ಷಿತ ಅರಣ್ಯ ಪ್ರದೇಶದ ಪಶು ವೈದ್ಯಾಧಿಕಾರಿ ಡಾ. ರಮೇಶ್ ನೇತೃತ್ವದಲ್ಲಿ ನಿತ್ರಾಣಗೊಂಡಿದ್ದ ಕಾಡಾನೆಗೆ ಸಾಕಷ್ಟು ಔಷಧೋಪಚಾರಗಳು ನಡೆಯುತ್ತಿತ್ತು. ಮೂರು ದಿನಗಳಿಂದ ನಿರಂತರವಾಗಿ ಚಿಕಿತ್ಸೆಯನ್ನು ನೀಡಲಾಗುತ್ತಿತ್ತು. ಸ್ಥಳದಲ್ಲಿಯೇ ಆನೆಗೆ ಬೇಕಾದಂತಹ ಪೌಷ್ಟಿಕ ಆಹಾರ ಸಹಿತವಾಗಿ ವೈದ್ಯಾಧಿಕಾರಿಗಳು ಕೂಡ ಅಲ್ಲೇ ಮೊಕ್ಕಾಂ ಹೂಡಿದ್ದರು. ಆದರೆ ಚಿಕಿತ್ಸೆ ಫಲಿಸದೆ ಆನೆ ಕೊನೆ ಉಸಿರೆಳೆದಿದೆ ಎಂದು ಮಲೆ ಮಹದೇಶ್ವರ ವನ್ಯಜೀವಿಧಾಮದ ಡಿಸಿಎಫ್ ತಿಳಿಸಿದ್ದಾರೆ.

ಮತ ಎಣಿಕೆ ಕೇಂದ್ರ ಸಿಬ್ಬಂದಿ ಪ್ರಶ್ನಿಸಿ ಸಲ್ಲಿಸಿದ್ದ ಅರ್ಜಿ ವಜಾ
ದೂರ ದೃಷ್ಟಿ ವಾರ್ತಾ ನವದೆಹಲಿ, ಮೇ 2– ಬರುವ ಸೋಮವಾರ ಮೇ 4 ರಂದು ಪಶ್ಚಿಮ ಬಂಗಾಳ ಸೇರಿದಂತೆ ಪಂಚ ರಾಜ್ಯಗಳ ವಿಧಾನಸಭಾ ಚುನಾವಣೆ ಮತ ಎಣಿಕೆಗೆ ಕೇಂದ್ರ ಸರ್ಕಾರದ ಸಿಬ್ಬಂದಿಗಳನ್ನು ನಿಯೋಜಿಸುವುದನ್ನು ಪ್ರಶ್ನಿಸಿ, ಸಲ್ಲಿಸಲಾಗಿದ್ದ ಅರ್ಜಿಯನ್ನು ವಜಾ ಮಾಡಿರುವ ಸುಪ್ರೀಂಕೋರ್ಟ್ ಈ ಬಗ್ಗೆ ಆದೇಶ ನೀಡಲು ನಿರಾಕರಿಸುತ್ತಿದೆ. ಪಶ್ಚಿಮ ಬಂಗಾಳದ ಮುಖ್ಯಮಂತ್ರಿ ಮಮತಾ ಬ್ಯಾನರ್ಜಿ ಅವರಿಗೆ ಹಿನ್ನಡೆಯಾದಂತಾಗಿದೆ. ಪಶ್ಚಿಮ ಬಂಗಾಳ ವಿಧಾನಸಭಾ ಚುನಾವಣೆಯ ಮತ ಎಣಿಕೆಯಲ್ಲಿ ಕೇಂದ್ರ ಸರ್ಕಾರಿ ಸಿಬ್ಬಂದಿಗಳನ್ನು ಮಾತ್ರ ಬಳಸುವ ಕೇಂದ್ರ ಚುನಾವಣಾ ಆಯೋಗದ ತೀರ್ಮಾನವನ್ನು ಪ್ರಶ್ನಿಸಿ, ಪಶ್ಚಿಮ ಬಂಗಾಳದ ಮುಖ್ಯ ಮಂತ್ರಿ ಮಮತಾ ಬ್ಯಾನರ್ಜಿ ಸಲ್ಲಿಸಿದ್ದ ಅರ್ಜಿಯ ತುರ್ತು ವಿಚಾರಣೆಯನ್ನು ಇಂದು ನಡೆಸಿದ ಸುಪ್ರೀಂಕೋರ್ಟ್ ಕೇಂದ್ರ ಚುನಾವಣಾ ಆಯೋಗದ ನಿರ್ಧಾರ ಕಾನೂನಿಗೆ ವಿರುದ್ಧವಲ್ಲ ಎಂದು ಹೇಳಿ ಈ ಬಗ್ಗೆ ಯಾವುದೇ ಆದೇಶವನ್ನು ಹೊರಡಿಸುವ ಅಗತ್ಯವಿಲ್ಲ ಎಂದು ಹೇಳಿ ಪಶ್ಚಿಮ ಬಂಗಾಳದ ಮುಖ್ಯಮಂತ್ರಿ ಸಲ್ಲಿಸಿದ್ದ ಅರ್ಜಿಯನ್ನು ವಜಾ ಮಾಡಿತು. ಕೇಂದ್ರ ಚುನಾವಣಾ ಆಯೋಗ ಪಶ್ಚಿಮ ಬಂಗಾಳದ ಮತ ಎಣಿಕೆಗೆ ಕೇಂದ್ರ ಸರ್ಕಾರದ ಸಿಬ್ಬಂದಿಗಳನ್ನು ಮಾತ್ರ ನಿಯೋಜಿಸುವ ತೀರ್ಮಾನವನ್ನು ಬೆಂಬಲಿಸಿದ ಸುಪ್ರೀಂಕೋರ್ಟ್ ಈ ಸಂಬಂಧ ಕೇಂದ್ರ ಚುನಾ ವಣಾ ಆಯೋಗ ಹೊರಡಿಸಿರುವ ಸುತ್ತೋಲೆ ತಪ್ಪಿನಿಂದ ಕೂಡಿಲ್ಲ ಎಂದು ಹೇಳಿ ಮಮತಾ ಬ್ಯಾನರ್ಜಿಯವರ ಅರ್ಜಿಯನ್ನು ವಜಾ ಮಾಡಿತು. ಇದೇ ಸಂದರ್ಭದಲ್ಲಿ ಕೇಂದ್ರ ಚುನಾವಣಾ ಆಯೋಗ ಏ. 13 ರಂದು ಹೊರಡಿಸಿರುವ ಸುತ್ತೋಲೆಯನ್ನು ಕಟ್ಟುನಿಟ್ಟಾಗಿ ಜಾರಿ ಮಾಡುತ್ತೇವೆ. ಮತ ಎಣಿಕೆಯ ಕೇಂದ್ರದ ರಿಟರ್ನಿಂಗ್ ಆಫೀಸರ್ ಆಗುವ ರಾಜ್ಯ ಸರ್ಕಾರದ ಅಧಿಕಾರಿಯೇ ಎಲ್ಲದರ ಸಂಪೂರ್ಣ ಉಸ್ತುವಾ ರಿಯನ್ನು ಹೊಂದಿರುತ್ತಾರೆ ಎಂದು ನ್ಯಾಯಾಲಯಕ್ಕೆ ತಿಳಿಸಿ ಈ ಬಗ್ಗೆ ಟಿಎಂಸಿ ಎತ್ತಿರುವ ವಿಚಾರ ಸರಿಯಲ್ಲ ಎಂದು ಹೇಳಿತು. ಸುಪ್ರೀಂಕೋರ್ಟ್‌ನ ಈ ನಿರ್ಧಾರದಿಂದ ಮಮತಾ ಬ್ಯಾನರ್ಜಿಗೆ ಹಿನ್ನಡೆಯಾಗಿದೆ. ಪಶ್ಚಿಮ ಬಂಗಾಳದ ವಿಧಾನಸಭಾ ಚುನಾವಣೆ ಮತ ಎಣಿಕೆ ಮೇ 4 ರಂದು ನಡೆಯಲಿದ್ದು, ಈ ಮತ ಎಣಿಕೆಗೆ ಮೇಲ್ವಿಚಾರಕರನ್ನಾಗಿ ಕೇಂದ್ರ ಸರ್ಕಾರಿ ನೌಕರರನ್ನು ಮಾತ್ರ ನಿಯೋಜಿಸುವ ಸಂಬಂಧ ಕೇಂದ್ರ ಆಯೋಗ ಸುತ್ತೋಲೆ ಹೊರಡಿಸಿತ್ತು. ಆಯೋಗದ ಈ ನಿರ್ಧಾರವನ್ನು ಪ್ರಶ್ನಿಸಿ, ಪಶ್ಚಿಮ ಬಂಗಾಳದ ಮುಖ್ಯಮಂತ್ರಿ ಮಮತಾ ಬ್ಯಾನರ್ಜಿ ಅವರು ಸುಪ್ರೀಂಕೋರ್ಟ್‌ನಲ್ಲಿ ನಿನ್ನೆ ಅರ್ಜಿ ಸಲ್ಲಿಸಿದ್ದರು.
